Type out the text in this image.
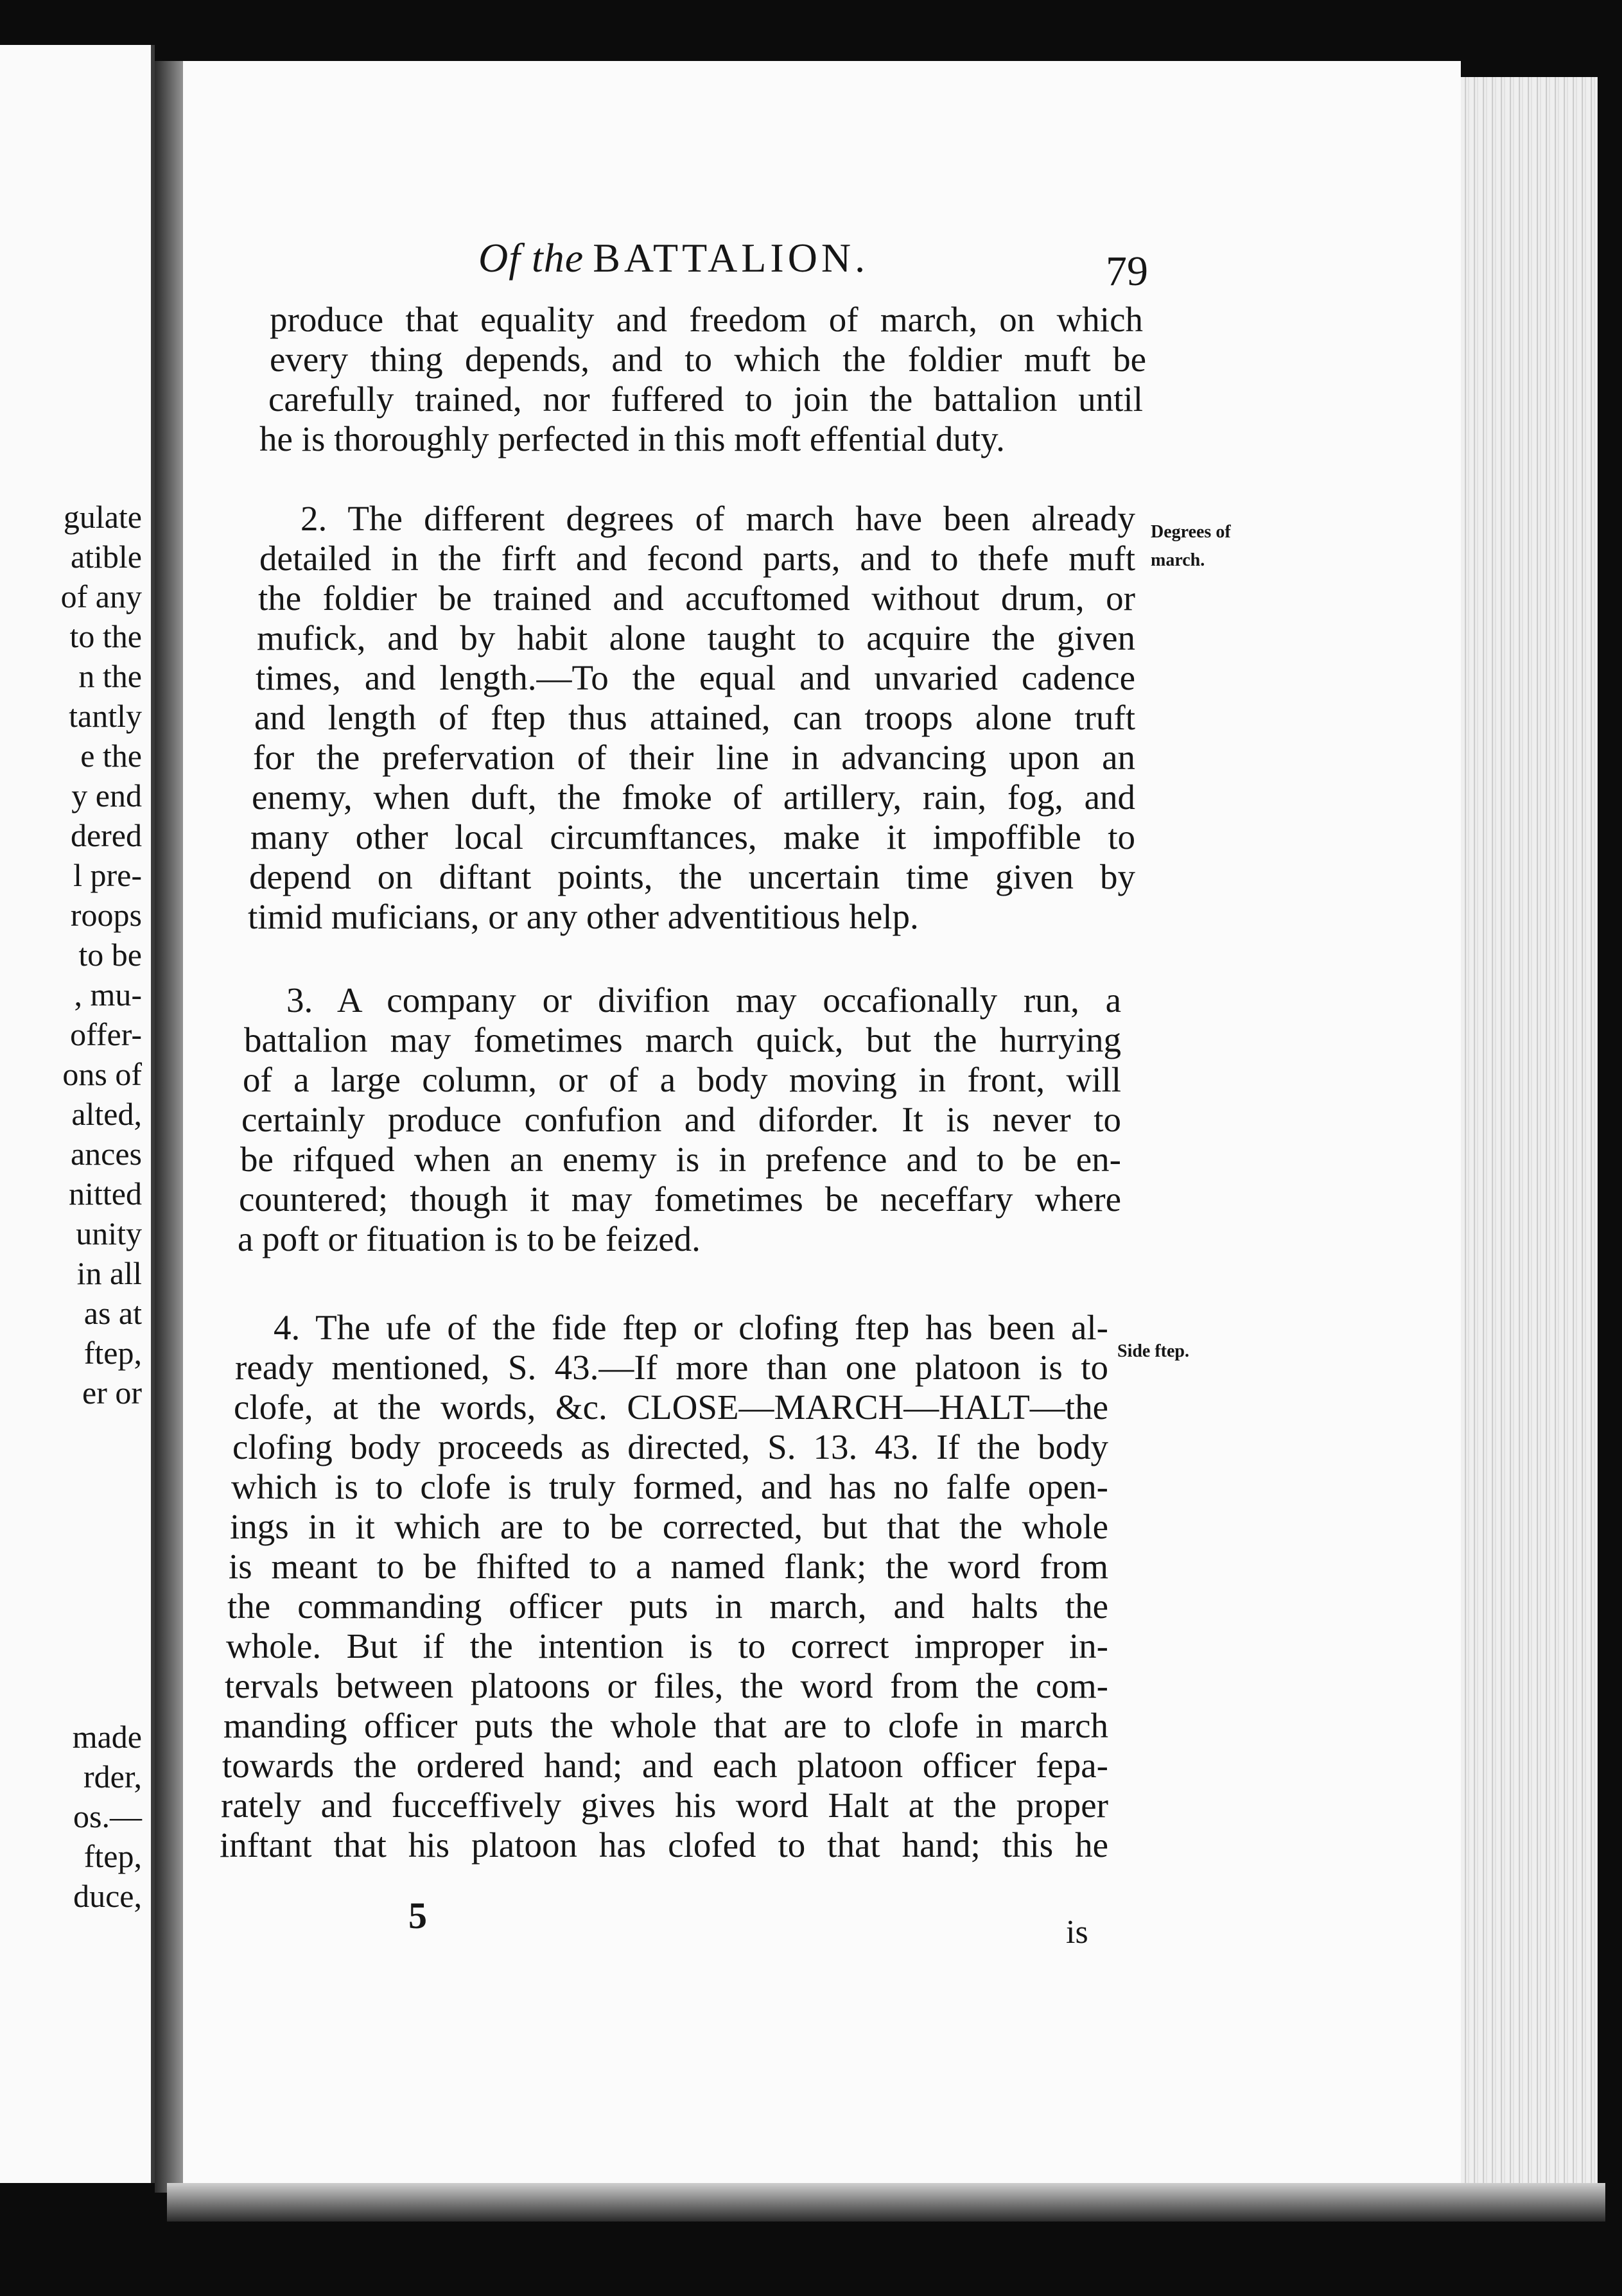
gulate
atible
of any
to the
n the
tantly
e the
y end
dered
l pre-
roops
to be
, mu-
offer-
ons of
alted,
ances
nitted
unity
in all
as at
ftep,
er or
made
rder,
os.—
ftep,
duce,
Of the BATTALION.	79
produce that equality and freedom of march, on which
every thing depends, and to which the foldier muft be
carefully trained, nor fuffered to join the battalion until
he is thoroughly perfected in this moft effential duty.
2. The different degrees of march have been already
detailed in the firft and fecond parts, and to thefe muft
the foldier be trained and accuftomed without drum, or
mufick, and by habit alone taught to acquire the given
times, and length.—To the equal and unvaried cadence
and length of ftep thus attained, can troops alone truft
for the prefervation of their line in advancing upon an
enemy, when duft, the fmoke of artillery, rain, fog, and
many other local circumftances, make it impoffible to
depend on diftant points, the uncertain time given by
timid muficians, or any other adventitious help.
3. A company or divifion may occafionally run, a
battalion may fometimes march quick, but the hurrying
of a large column, or of a body moving in front, will
certainly produce confufion and diforder. It is never to
be rifqued when an enemy is in prefence and to be en-
countered; though it may fometimes be neceffary where
a poft or fituation is to be feized.
4. The ufe of the fide ftep or clofing ftep has been al-
ready mentioned, S. 43.—If more than one platoon is to
clofe, at the words, &c. CLOSE—MARCH—HALT—the
clofing body proceeds as directed, S. 13. 43. If the body
which is to clofe is truly formed, and has no falfe open-
ings in it which are to be corrected, but that the whole
is meant to be fhifted to a named flank; the word from
the commanding officer puts in march, and halts the
whole. But if the intention is to correct improper in-
tervals between platoons or files, the word from the com-
manding officer puts the whole that are to clofe in march
towards the ordered hand; and each platoon officer fepa-
rately and fucceffively gives his word Halt at the proper
inftant that his platoon has clofed to that hand; this he
Degrees of
march.
Side ftep.
5	is
